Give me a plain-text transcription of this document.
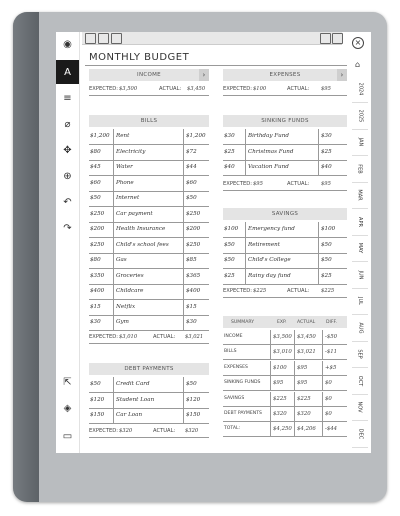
◉
A
≡
⌀
✥
⊕
↶
↷
⇱
◈
▭
×
MONTHLY BUDGET
INCOME	›
EXPECTED: $3,500	ACTUAL: $3,450
EXPENSES	›
EXPECTED: $100	ACTUAL: $95
BILLS
$1,200 Rent	$1,200
$80	Electricity	$72
$45	Water	$44
$60	Phone	$60
$50	Internet	$50
$250 Car payment	$250
$200 Health Insurance	$200
$250 Child's school fees	$250
$80	Gas	$85
$350 Groceries	$365
$400 Childcare	$400
$15	Netflix	$15
$30	Gym	$30
EXPECTED: $3,010	ACTUAL: $3,021
SINKING FUNDS
$30 Birthday Fund	$30
$25 Christmas Fund	$25
$40 Vacation Fund	$40
EXPECTED: $95	ACTUAL: $95
SAVINGS
$100 Emergency fund	$100
$50 Retirement	$50
$50 Child's College	$50
$25 Rainy day fund	$25
EXPECTED: $225	ACTUAL: $225
DEBT PAYMENTS
$50	Credit Card	$50
$120 Student Loan	$120
$150 Car Loan	$150
EXPECTED: $320	ACTUAL: $320
SUMMARY	EXP. ACTUAL DIFF.
INCOME	$3,500 $3,450 -$50
BILLS	$3,010 $3,021 -$11
EXPENSES	$100 $95	+$5
SINKING FUNDS $95	$95	$0
SAVINGS	$225 $225	$0
DEBT PAYMENTS $320 $320	$0
TOTAL:	$4,250 $4,206 -$44
⌂
2024
2025
JAN
FEB
MAR
APR
MAY
JUN
JUL
AUG
SEP
OCT
NOV
DEC
